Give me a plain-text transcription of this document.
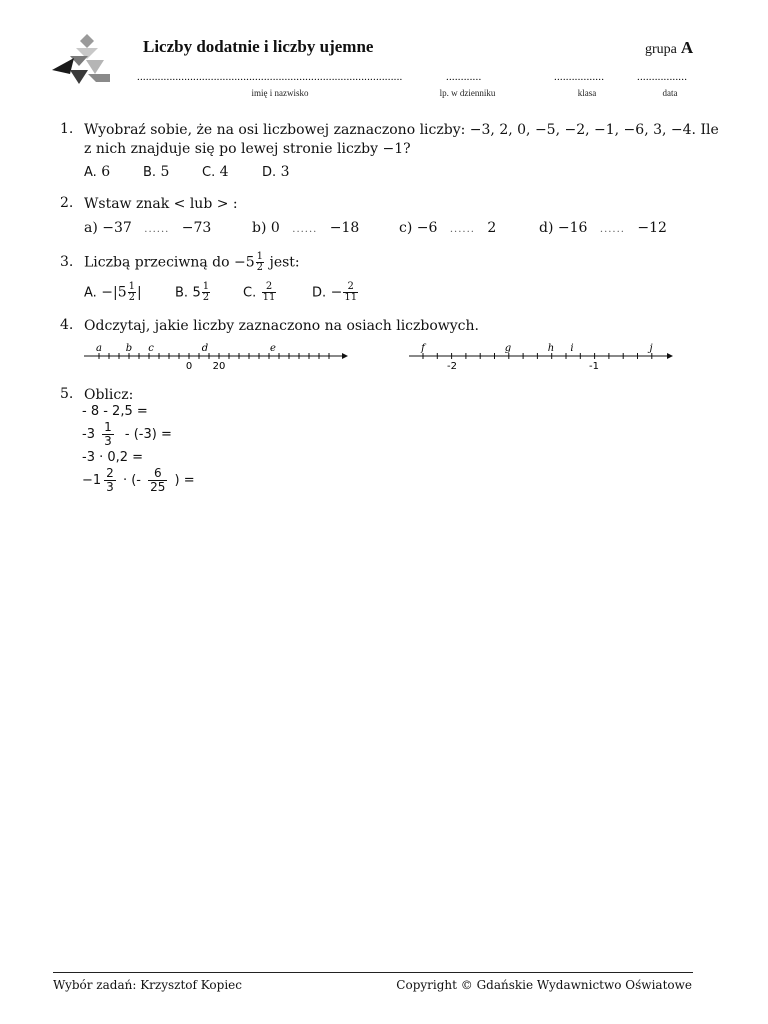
Liczby dodatnie i liczby ujemne	grupa A
..........................................................................................	............	.................	.................
imię i nazwisko	lp. w dzienniku	klasa	data
1. Wyobraź sobie, że na osi liczbowej zaznaczono liczby: −3, 2, 0, −5, −2, −1, −6, 3, −4. Ile
z nich znajduje się po lewej stronie liczby −1?
A. 6	B. 5	C. 4	D. 3
2. Wstaw znak < lub > :
a) −37 ...... −73	b) 0 ...... −18	c) −6 ...... 2	d) −16 ...... −12
3. Liczbą przeciwną do $-5 \frac{1}{2}$ jest:
A. $-|5 \frac{1}{2}$ |	B. $5 \frac{1}{2}$	C. $\frac{2}{11}$	D. − $\frac{2}{11}$
4. Odczytaj, jakie liczby zaznaczono na osiach liczbowych.
a b c	d	e
0 20
f	g	h i	j
-2	-1
5. Oblicz:
- 8 - 2,5 =
$-3 \frac{1}{3} - (-3)$ =
-3 · 0,2 =
$-1 \frac{2}{3}$ · (- $\frac{6}{25}$ ) =
Wybór zadań: Krzysztof Kopiec	Copyright © Gdańskie Wydawnictwo Oświatowe
